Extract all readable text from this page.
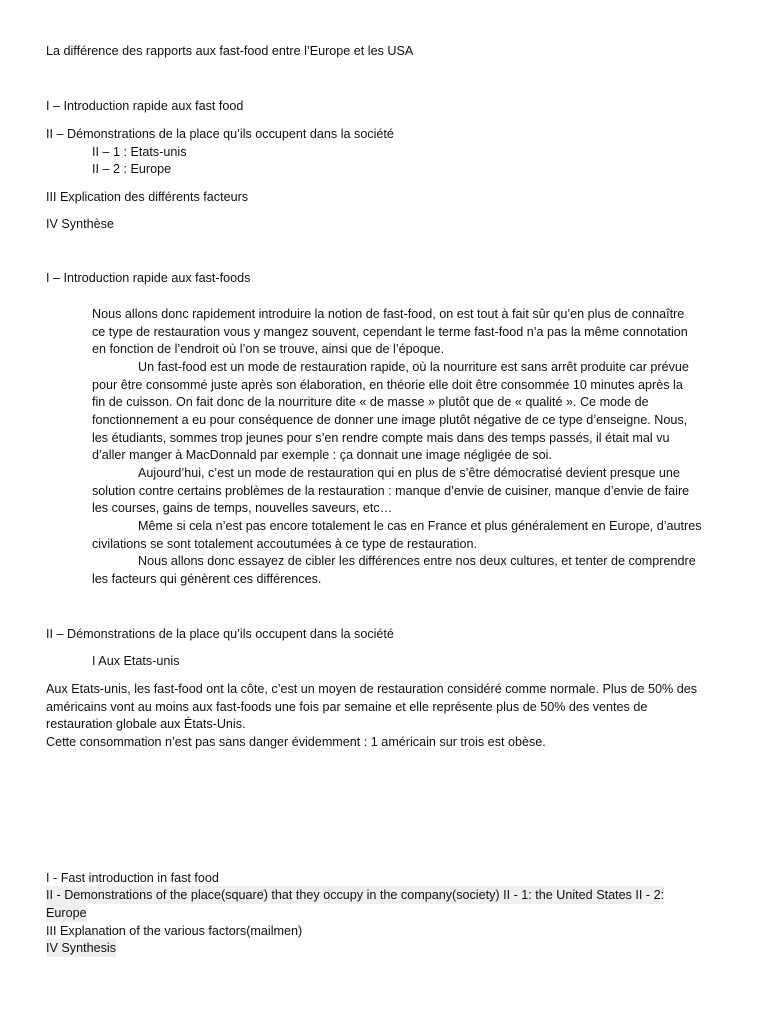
La différence des rapports aux fast-food entre l’Europe et les USA
I – Introduction rapide aux fast food
II – Démonstrations de la place qu’ils occupent dans la société
II – 1 : Etats-unis
II – 2 : Europe
III Explication des différents facteurs
IV Synthèse
I – Introduction rapide aux fast-foods
Nous allons donc rapidement introduire la notion de fast-food, on est tout à fait sûr qu’en plus de connaître
ce type de restauration vous y mangez souvent, cependant le terme fast-food n’a pas la même connotation
en fonction de l’endroit où l’on se trouve, ainsi que de l’époque.
Un fast-food est un mode de restauration rapide, où la nourriture est sans arrêt produite car prévue
pour être consommé juste après son élaboration, en théorie elle doit être consommée 10 minutes après la
fin de cuisson. On fait donc de la nourriture dite « de masse » plutôt que de « qualité ». Ce mode de
fonctionnement a eu pour conséquence de donner une image plutôt négative de ce type d’enseigne. Nous,
les étudiants, sommes trop jeunes pour s’en rendre compte mais dans des temps passés, il était mal vu
d’aller manger à MacDonnald par exemple : ça donnait une image négligée de soi.
Aujourd’hui, c’est un mode de restauration qui en plus de s’être démocratisé devient presque une
solution contre certains problèmes de la restauration : manque d’envie de cuisiner, manque d’envie de faire
les courses, gains de temps, nouvelles saveurs, etc…
Même si cela n’est pas encore totalement le cas en France et plus généralement en Europe, d’autres
civilations se sont totalement accoutumées à ce type de restauration.
Nous allons donc essayez de cibler les différences entre nos deux cultures, et tenter de comprendre
les facteurs qui génèrent ces différences.
II – Démonstrations de la place qu’ils occupent dans la société
I Aux Etats-unis
Aux Etats-unis, les fast-food ont la côte, c’est un moyen de restauration considéré comme normale. Plus de 50% des
américains vont au moins aux fast-foods une fois par semaine et elle représente plus de 50% des ventes de
restauration globale aux États-Unis.
Cette consommation n’est pas sans danger évidemment : 1 américain sur trois est obèse.
I - Fast introduction in fast food
II - Demonstrations of the place(square) that they occupy in the company(society) II - 1: the United States II - 2:
Europe
III Explanation of the various factors(mailmen)
IV Synthesis
